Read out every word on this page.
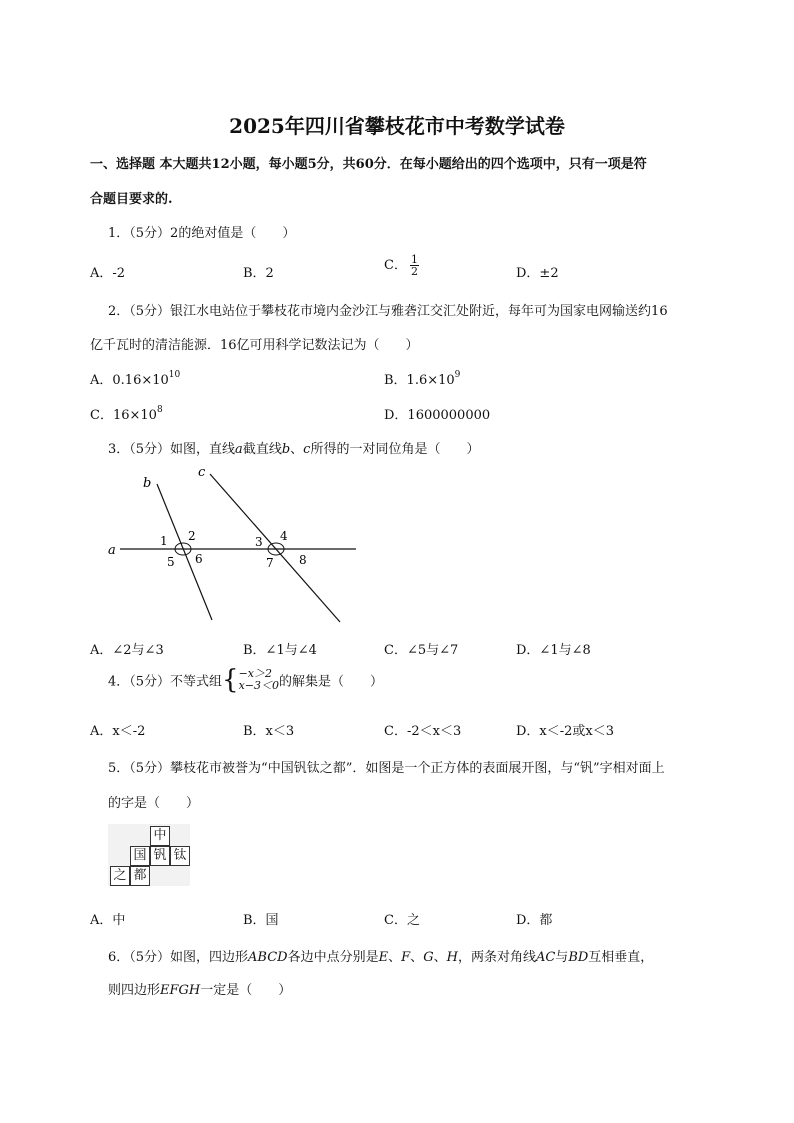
2025年四川省攀枝花市中考数学试卷
一、选择题 本大题共12小题，每小题5分，共60分．在每小题给出的四个选项中，只有一项是符
合题目要求的.
1．（5分）2的绝对值是（　　）
A．-2	B．2
C． $\frac{1}{2}$	D．±2
2．（5分）银江水电站位于攀枝花市境内金沙江与雅砻江交汇处附近，每年可为国家电网输送约16
亿千瓦时的清洁能源．16亿可用科学记数法记为（　　）
A．$0.16\times 10^{10}$	B．$1.6\times 10^9$
C．$16\times 10^8$	D．1600000000
3．（5分）如图，直线a截直线b、c所得的一对同位角是（　　）
a
b
c
1 2	3 4
5 6	7 8
A．∠2与∠3	B．∠1与∠4	C．∠5与∠7	D．∠1与∠8
4．（5分）不等式组{ −x＞2
x−3＜0 的解集是（　　）
A．x＜-2	B．x＜3	C．-2＜x＜3	D．x＜-2或x＜3
5．（5分）攀枝花市被誉为“中国钒钛之都”．如图是一个正方体的表面展开图，与“钒”字相对面上
的字是（　　）
中
国 钒 钛
之 都
A．中	B．国	C．之	D．都
6．（5分）如图，四边形ABCD各边中点分别是E、F、G、H，两条对角线AC与BD互相垂直，
则四边形EFGH一定是（　　）
